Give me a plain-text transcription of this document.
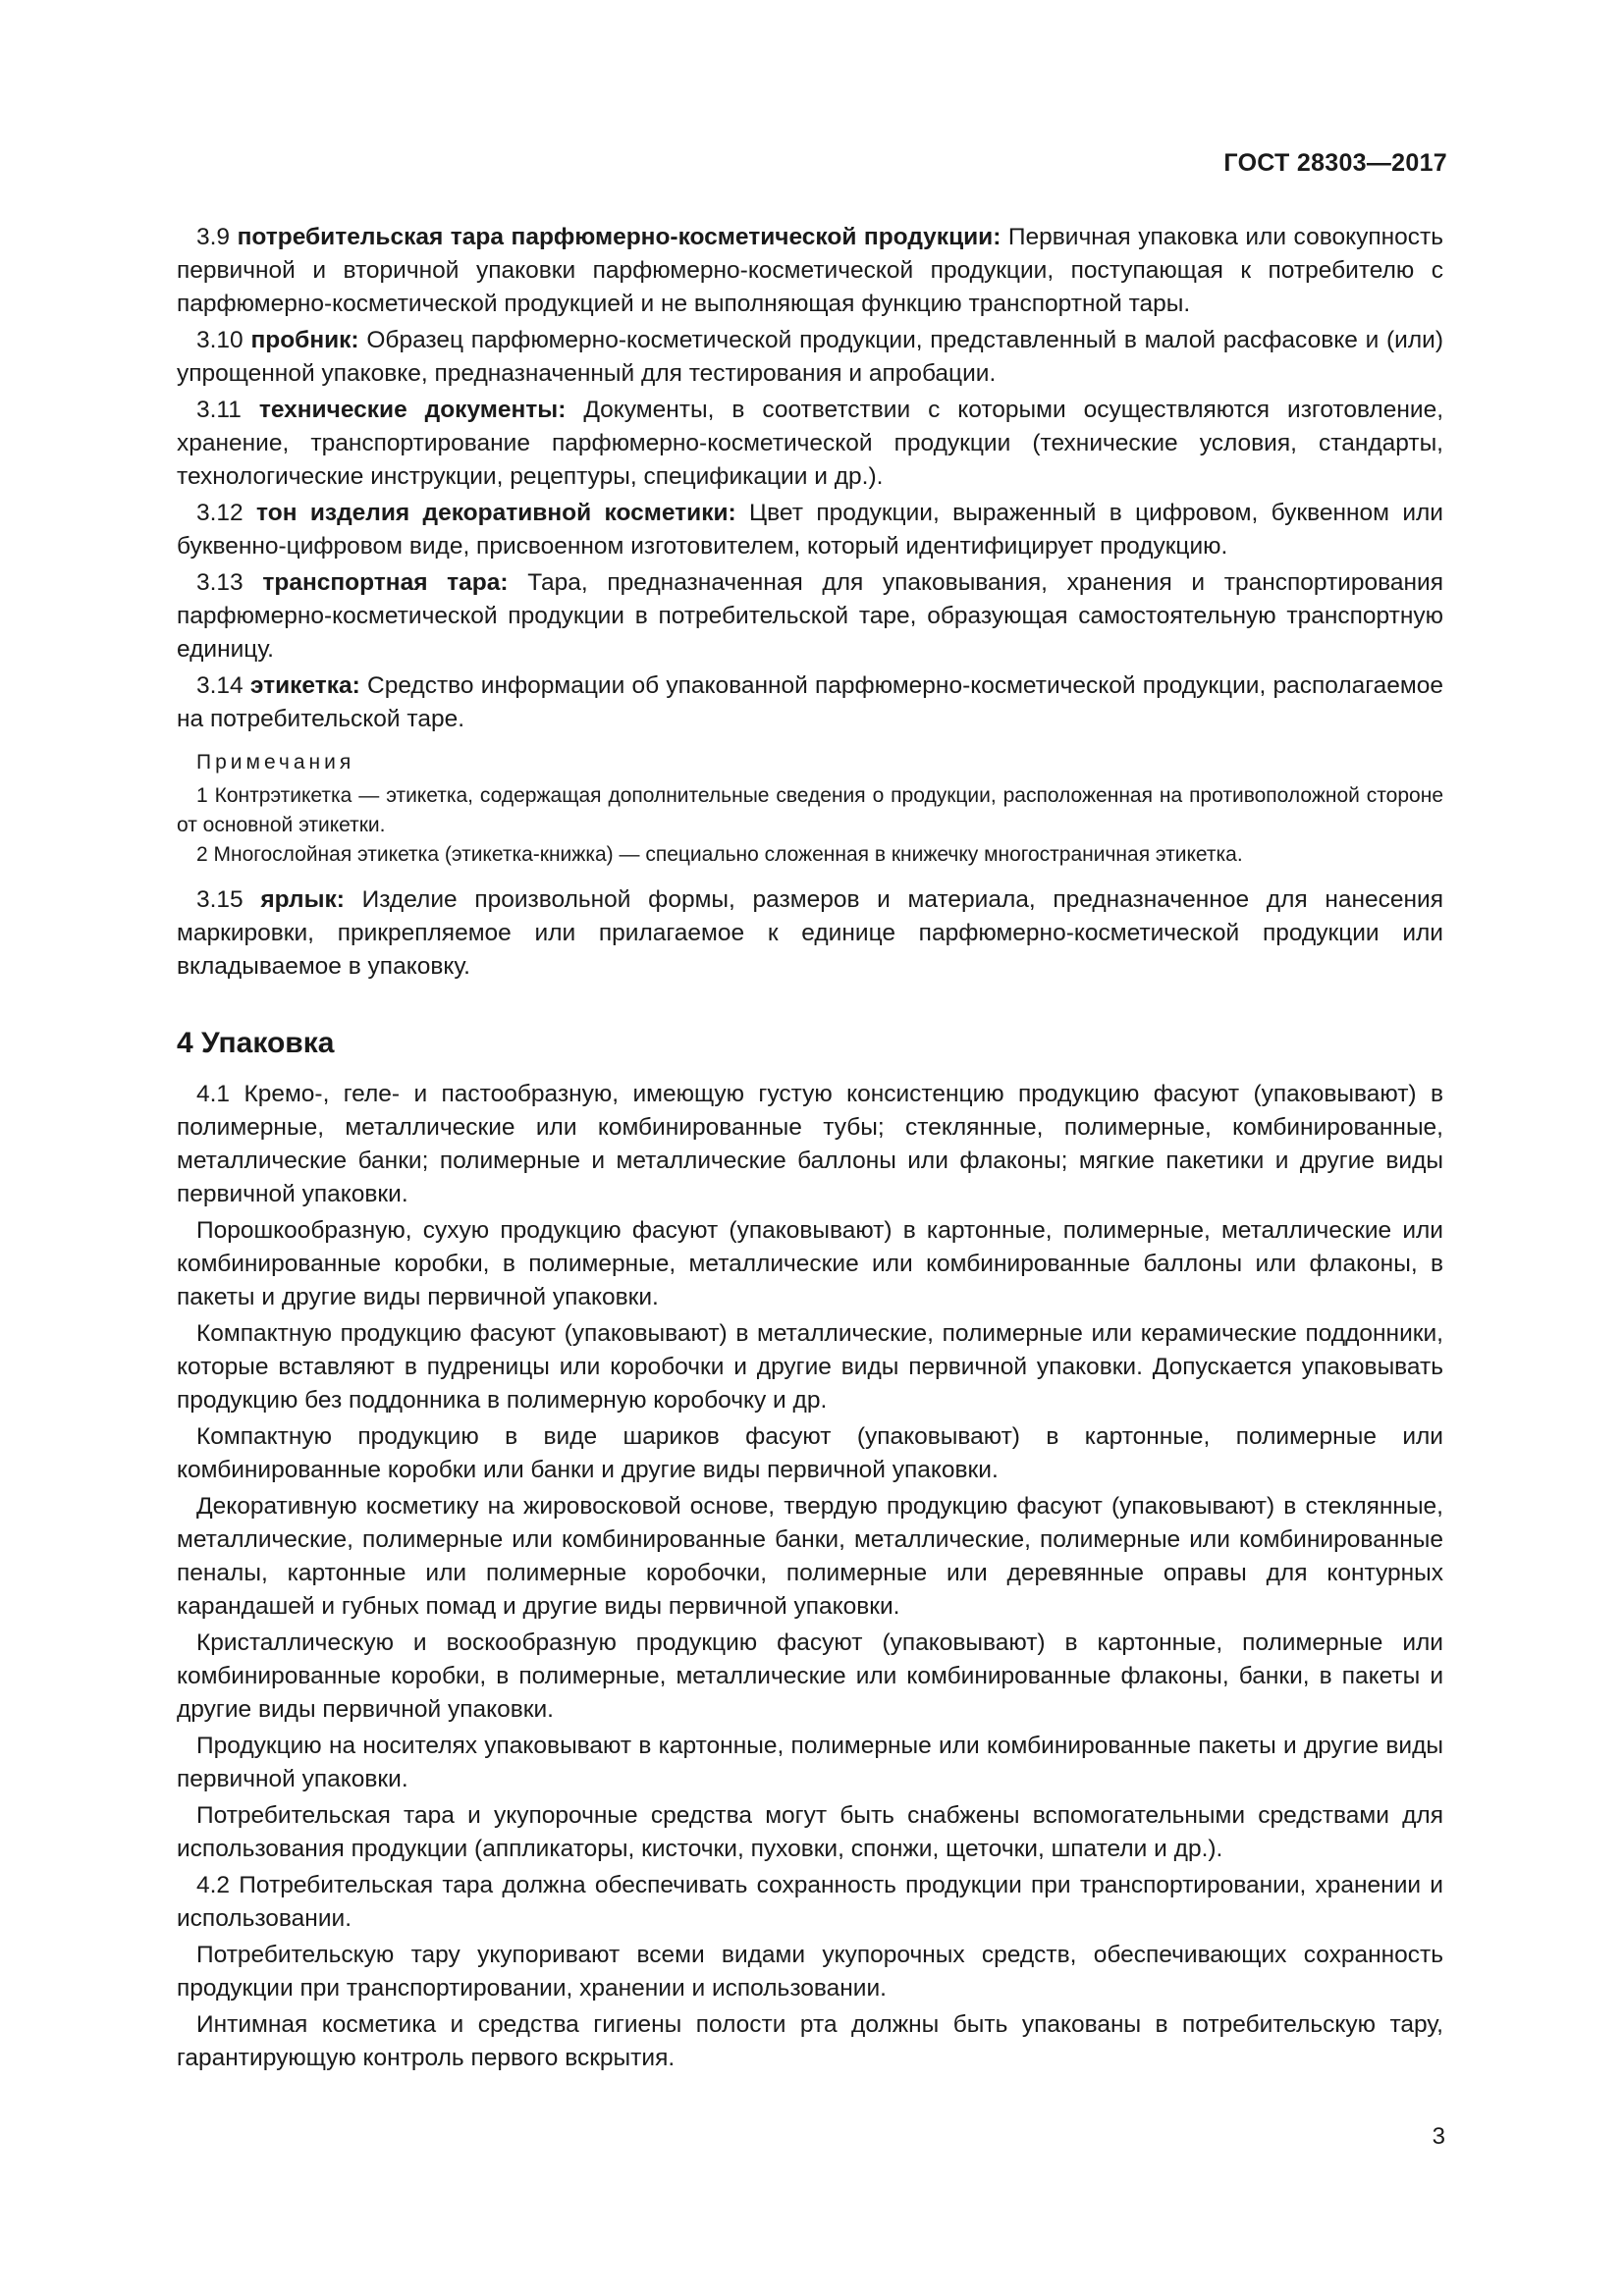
ГОСТ 28303—2017

3.9 потребительская тара парфюмерно-косметической продукции: Первичная упаковка или совокупность первичной и вторичной упаковки парфюмерно-косметической продукции, поступающая к потребителю с парфюмерно-косметической продукцией и не выполняющая функцию транспортной тары.

3.10 пробник: Образец парфюмерно-косметической продукции, представленный в малой расфасовке и (или) упрощенной упаковке, предназначенный для тестирования и апробации.

3.11 технические документы: Документы, в соответствии с которыми осуществляются изготовление, хранение, транспортирование парфюмерно-косметической продукции (технические условия, стандарты, технологические инструкции, рецептуры, спецификации и др.).

3.12 тон изделия декоративной косметики: Цвет продукции, выраженный в цифровом, буквенном или буквенно-цифровом виде, присвоенном изготовителем, который идентифицирует продукцию.

3.13 транспортная тара: Тара, предназначенная для упаковывания, хранения и транспортирования парфюмерно-косметической продукции в потребительской таре, образующая самостоятельную транспортную единицу.

3.14 этикетка: Средство информации об упакованной парфюмерно-косметической продукции, располагаемое на потребительской таре.

Примечания

1 Контрэтикетка — этикетка, содержащая дополнительные сведения о продукции, расположенная на противоположной стороне от основной этикетки.

2 Многослойная этикетка (этикетка-книжка) — специально сложенная в книжечку многостраничная этикетка.

3.15 ярлык: Изделие произвольной формы, размеров и материала, предназначенное для нанесения маркировки, прикрепляемое или прилагаемое к единице парфюмерно-косметической продукции или вкладываемое в упаковку.

4 Упаковка

4.1 Кремо-, геле- и пастообразную, имеющую густую консистенцию продукцию фасуют (упаковывают) в полимерные, металлические или комбинированные тубы; стеклянные, полимерные, комбинированные, металлические банки; полимерные и металлические баллоны или флаконы; мягкие пакетики и другие виды первичной упаковки.

Порошкообразную, сухую продукцию фасуют (упаковывают) в картонные, полимерные, металлические или комбинированные коробки, в полимерные, металлические или комбинированные баллоны или флаконы, в пакеты и другие виды первичной упаковки.

Компактную продукцию фасуют (упаковывают) в металлические, полимерные или керамические поддонники, которые вставляют в пудреницы или коробочки и другие виды первичной упаковки. Допускается упаковывать продукцию без поддонника в полимерную коробочку и др.

Компактную продукцию в виде шариков фасуют (упаковывают) в картонные, полимерные или комбинированные коробки или банки и другие виды первичной упаковки.

Декоративную косметику на жировосковой основе, твердую продукцию фасуют (упаковывают) в стеклянные, металлические, полимерные или комбинированные банки, металлические, полимерные или комбинированные пеналы, картонные или полимерные коробочки, полимерные или деревянные оправы для контурных карандашей и губных помад и другие виды первичной упаковки.

Кристаллическую и воскообразную продукцию фасуют (упаковывают) в картонные, полимерные или комбинированные коробки, в полимерные, металлические или комбинированные флаконы, банки, в пакеты и другие виды первичной упаковки.

Продукцию на носителях упаковывают в картонные, полимерные или комбинированные пакеты и другие виды первичной упаковки.

Потребительская тара и укупорочные средства могут быть снабжены вспомогательными средствами для использования продукции (аппликаторы, кисточки, пуховки, спонжи, щеточки, шпатели и др.).

4.2 Потребительская тара должна обеспечивать сохранность продукции при транспортировании, хранении и использовании.

Потребительскую тару укупоривают всеми видами укупорочных средств, обеспечивающих сохранность продукции при транспортировании, хранении и использовании.

Интимная косметика и средства гигиены полости рта должны быть упакованы в потребительскую тару, гарантирующую контроль первого вскрытия.

3
